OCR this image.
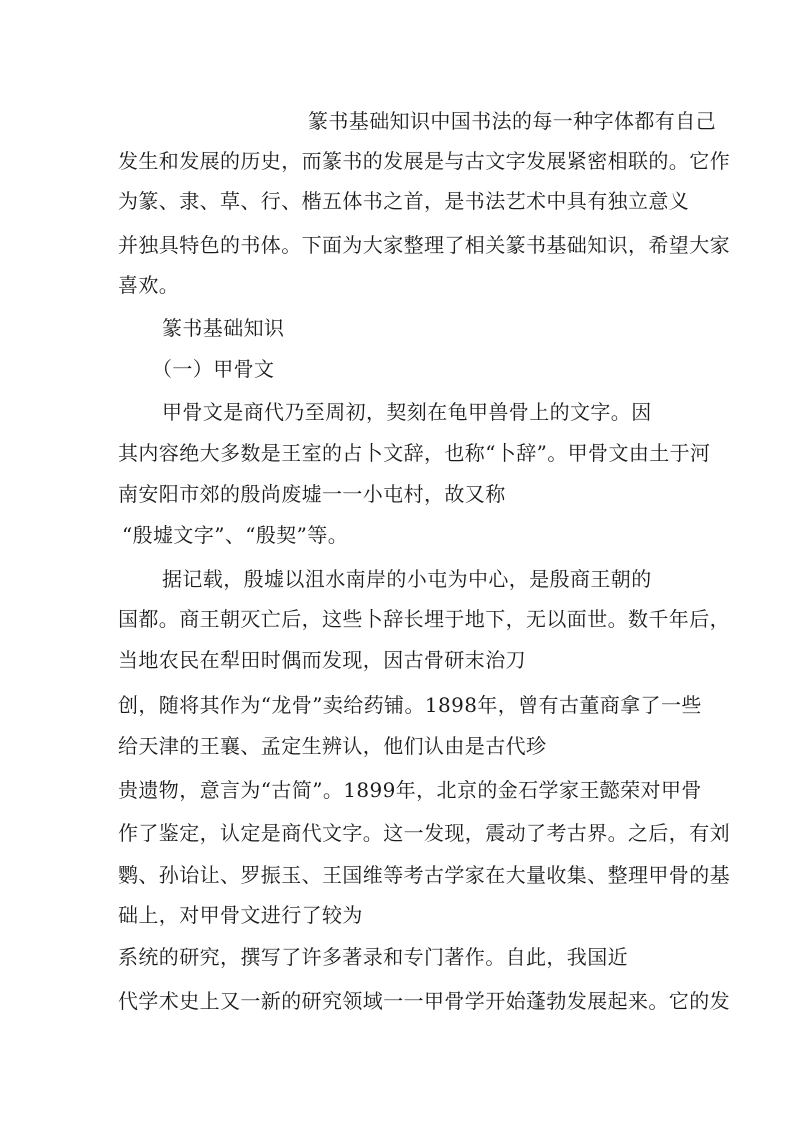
篆书基础知识中国书法的每一种字体都有自己
发生和发展的历史，而篆书的发展是与古文字发展紧密相联的。它作
为篆、隶、草、行、楷五体书之首，是书法艺术中具有独立意义
并独具特色的书体。下面为大家整理了相关篆书基础知识，希望大家
喜欢。
篆书基础知识
（一）甲骨文
甲骨文是商代乃至周初，契刻在龟甲兽骨上的文字。因
其内容绝大多数是王室的占卜文辞，也称“卜辞”。甲骨文由土于河
南安阳市郊的殷尚废墟一一小屯村，故又称
“殷墟文字”、“殷契”等。
据记载，殷墟以沮水南岸的小屯为中心，是殷商王朝的
国都。商王朝灭亡后，这些卜辞长埋于地下，无以面世。数千年后，
当地农民在犁田时偶而发现，因古骨研末治刀
创，随将其作为“龙骨”卖给药铺。1898年，曾有古董商拿了一些
给天津的王襄、孟定生辨认，他们认由是古代珍
贵遗物，意言为“古简”。1899年，北京的金石学家王懿荣对甲骨
作了鉴定，认定是商代文字。这一发现，震动了考古界。之后，有刘
鹦、孙诒让、罗振玉、王国维等考古学家在大量收集、整理甲骨的基
础上，对甲骨文进行了较为
系统的研究，撰写了许多著录和专门著作。自此，我国近
代学术史上又一新的研究领域一一甲骨学开始蓬勃发展起来。它的发
